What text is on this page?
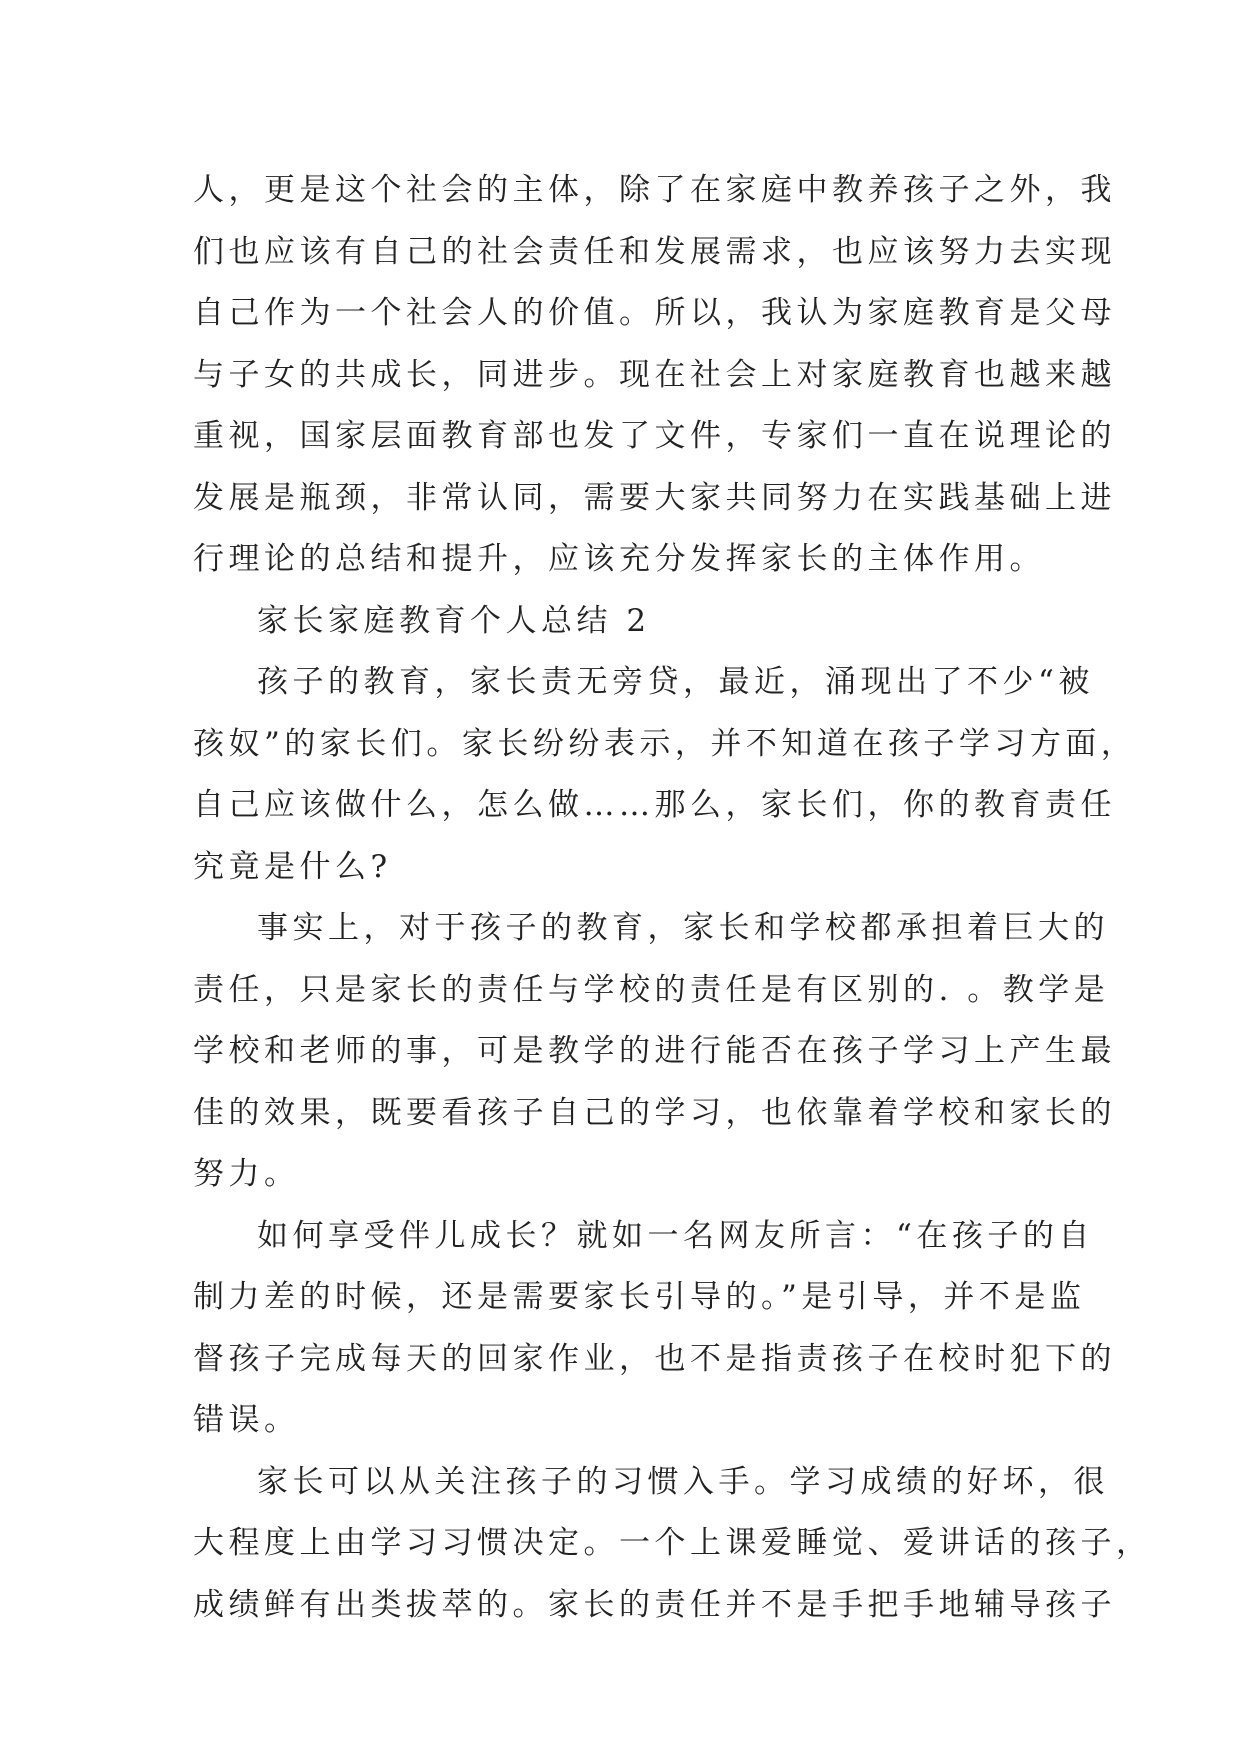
人，更是这个社会的主体，除了在家庭中教养孩子之外，我
们也应该有自己的社会责任和发展需求，也应该努力去实现
自己作为一个社会人的价值。所以，我认为家庭教育是父母
与子女的共成长，同进步。现在社会上对家庭教育也越来越
重视，国家层面教育部也发了文件，专家们一直在说理论的
发展是瓶颈，非常认同，需要大家共同努力在实践基础上进
行理论的总结和提升，应该充分发挥家长的主体作用。
家长家庭教育个人总结 2
孩子的教育，家长责无旁贷，最近，涌现出了不少“被
孩奴”的家长们。家长纷纷表示，并不知道在孩子学习方面，
自己应该做什么，怎么做……那么，家长们，你的教育责任
究竟是什么?
事实上，对于孩子的教育，家长和学校都承担着巨大的
责任，只是家长的责任与学校的责任是有区别的. 。教学是
学校和老师的事，可是教学的进行能否在孩子学习上产生最
佳的效果，既要看孩子自己的学习，也依靠着学校和家长的
努力。
如何享受伴儿成长？就如一名网友所言：“在孩子的自
制力差的时候，还是需要家长引导的。”是引导，并不是监
督孩子完成每天的回家作业，也不是指责孩子在校时犯下的
错误。
家长可以从关注孩子的习惯入手。学习成绩的好坏，很
大程度上由学习习惯决定。一个上课爱睡觉、爱讲话的孩子，
成绩鲜有出类拔萃的。家长的责任并不是手把手地辅导孩子
